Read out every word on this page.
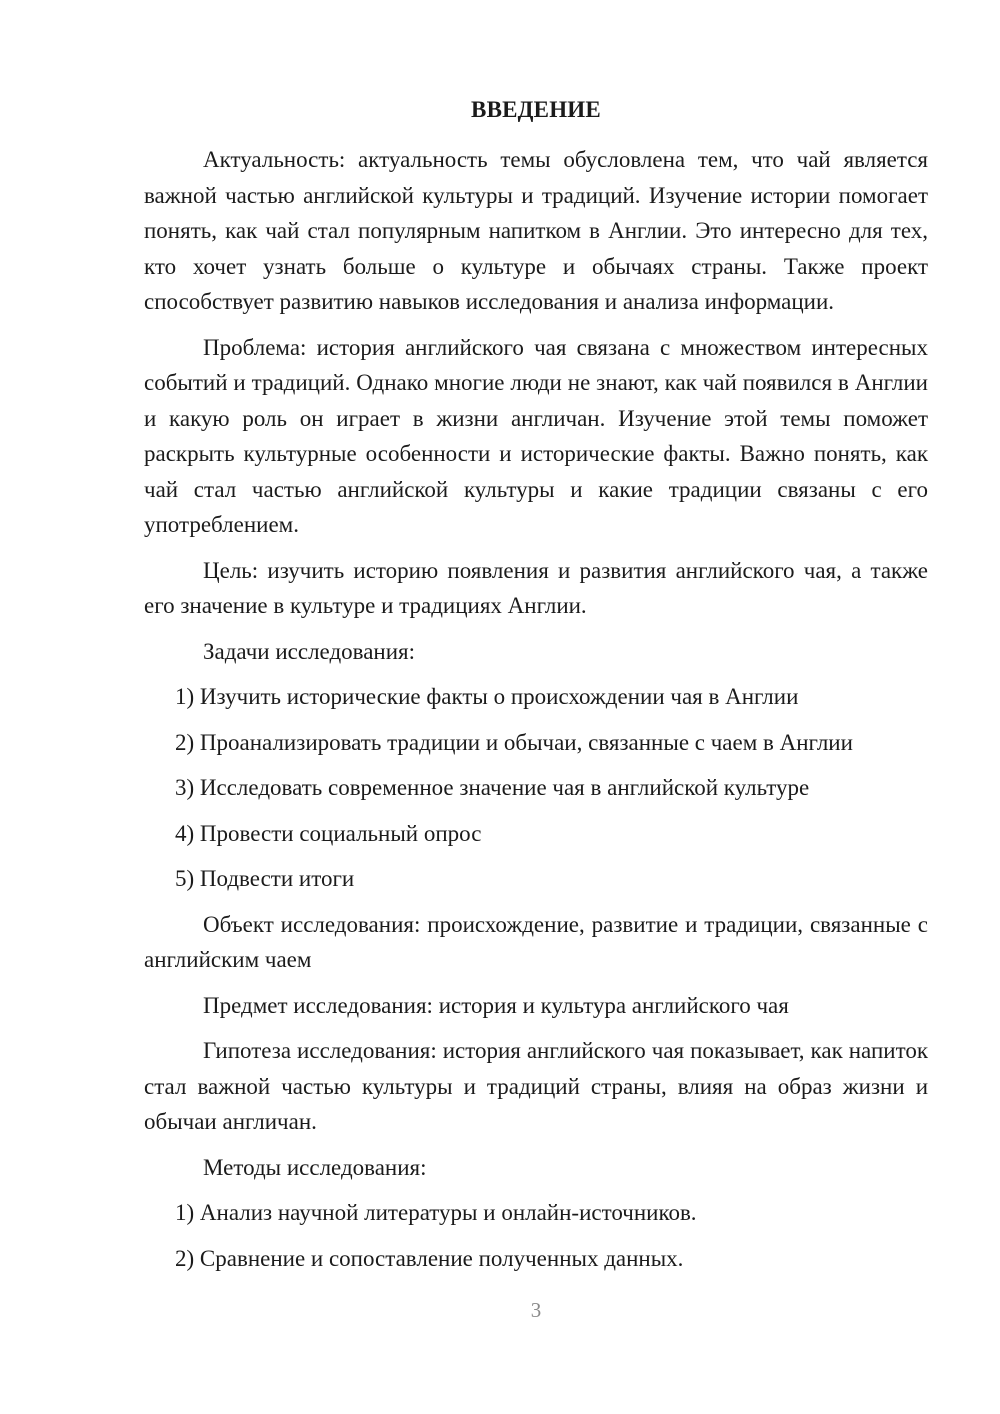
ВВЕДЕНИЕ

Актуальность: актуальность темы обусловлена тем, что чай является важной частью английской культуры и традиций. Изучение истории помогает понять, как чай стал популярным напитком в Англии. Это интересно для тех, кто хочет узнать больше о культуре и обычаях страны. Также проект способствует развитию навыков исследования и анализа информации.

Проблема: история английского чая связана с множеством интересных событий и традиций. Однако многие люди не знают, как чай появился в Англии и какую роль он играет в жизни англичан. Изучение этой темы поможет раскрыть культурные особенности и исторические факты. Важно понять, как чай стал частью английской культуры и какие традиции связаны с его употреблением.

Цель: изучить историю появления и развития английского чая, а также его значение в культуре и традициях Англии.

Задачи исследования:

1) Изучить исторические факты о происхождении чая в Англии
2) Проанализировать традиции и обычаи, связанные с чаем в Англии
3) Исследовать современное значение чая в английской культуре
4) Провести социальный опрос
5) Подвести итоги

Объект исследования: происхождение, развитие и традиции, связанные с английским чаем

Предмет исследования: история и культура английского чая

Гипотеза исследования: история английского чая показывает, как напиток стал важной частью культуры и традиций страны, влияя на образ жизни и обычаи англичан.

Методы исследования:

1) Анализ научной литературы и онлайн-источников.
2) Сравнение и сопоставление полученных данных.
3
